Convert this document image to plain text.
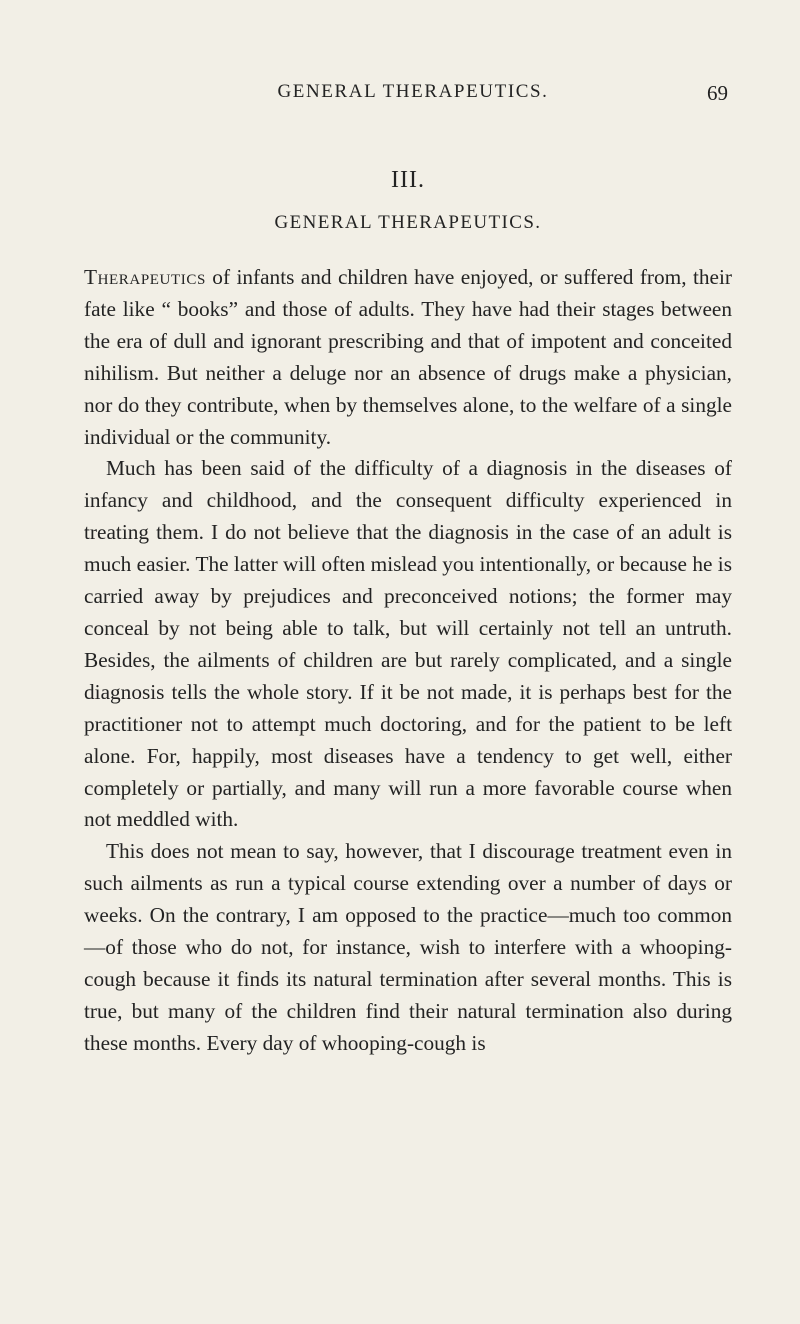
GENERAL THERAPEUTICS.	69
III.
GENERAL THERAPEUTICS.

Therapeutics of infants and children have enjoyed, or suffered from, their fate like “ books” and those of adults. They have had their stages between the era of dull and ignorant prescribing and that of impotent and conceited nihilism. But neither a deluge nor an absence of drugs make a physician, nor do they contribute, when by themselves alone, to the welfare of a single individual or the community.

Much has been said of the difficulty of a diagnosis in the diseases of infancy and childhood, and the consequent difficulty experienced in treating them. I do not believe that the diagnosis in the case of an adult is much easier. The latter will often mislead you intentionally, or because he is carried away by prejudices and preconceived notions; the former may conceal by not being able to talk, but will certainly not tell an untruth. Besides, the ailments of children are but rarely complicated, and a single diagnosis tells the whole story. If it be not made, it is perhaps best for the practitioner not to attempt much doctoring, and for the patient to be left alone. For, happily, most diseases have a tendency to get well, either completely or partially, and many will run a more favorable course when not meddled with.

This does not mean to say, however, that I discourage treatment even in such ailments as run a typical course extending over a number of days or weeks. On the contrary, I am opposed to the practice—much too common—of those who do not, for instance, wish to interfere with a whooping-cough because it finds its natural termination after several months. This is true, but many of the children find their natural termination also during these months. Every day of whooping-cough is
